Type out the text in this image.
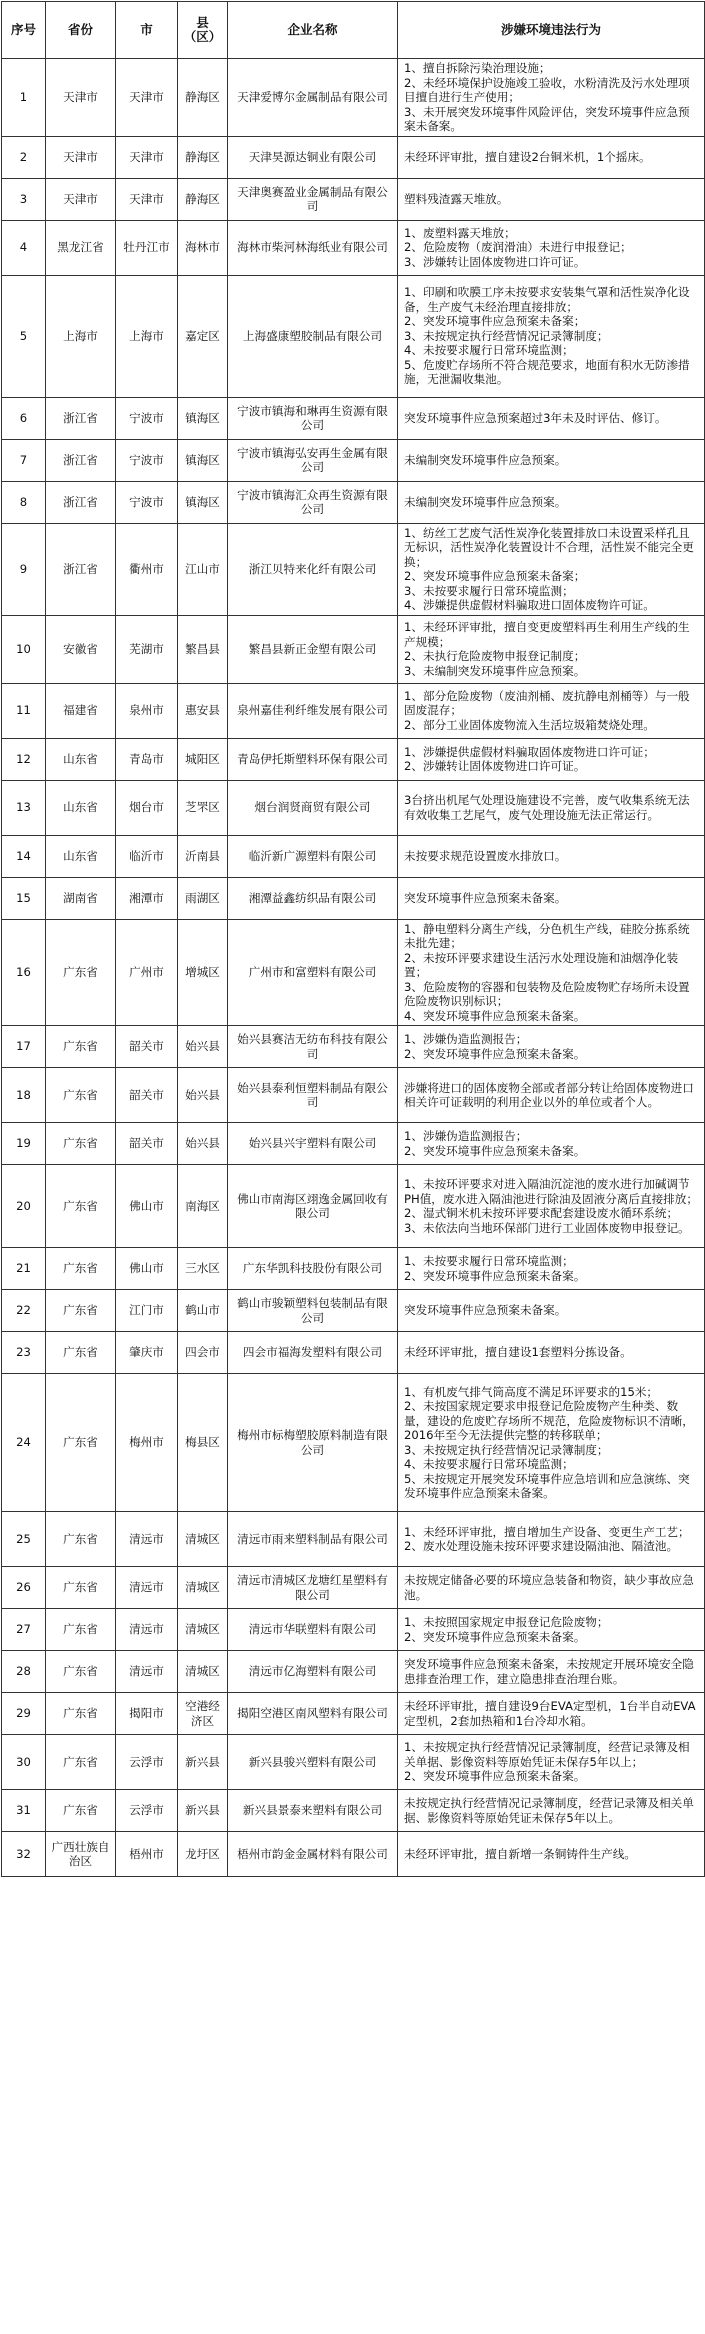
序号	省份	市	县（区）	企业名称	涉嫌环境违法行为
1	天津市	天津市	静海区	天津爱博尔金属制品有限公司	1、擅自拆除污染治理设施；
2、未经环境保护设施竣工验收，水粉清洗及污水处理项目擅自进行生产使用；
3、未开展突发环境事件风险评估，突发环境事件应急预案未备案。
2	天津市	天津市	静海区	天津昊源达铜业有限公司	未经环评审批，擅自建设2台铜米机，1个摇床。
3	天津市	天津市	静海区	天津奥赛盈业金属制品有限公司	塑料残渣露天堆放。
4	黑龙江省	牡丹江市	海林市	海林市柴河林海纸业有限公司	1、废塑料露天堆放；
2、危险废物（废润滑油）未进行申报登记；
3、涉嫌转让固体废物进口许可证。
5	上海市	上海市	嘉定区	上海盛康塑胶制品有限公司	1、印刷和吹膜工序未按要求安装集气罩和活性炭净化设备，生产废气未经治理直接排放；
2、突发环境事件应急预案未备案；
3、未按规定执行经营情况记录簿制度；
4、未按要求履行日常环境监测；
5、危废贮存场所不符合规范要求，地面有积水无防渗措施，无泄漏收集池。
6	浙江省	宁波市	镇海区	宁波市镇海和琳再生资源有限公司	突发环境事件应急预案超过3年未及时评估、修订。
7	浙江省	宁波市	镇海区	宁波市镇海弘安再生金属有限公司	未编制突发环境事件应急预案。
8	浙江省	宁波市	镇海区	宁波市镇海汇众再生资源有限公司	未编制突发环境事件应急预案。
9	浙江省	衢州市	江山市	浙江贝特来化纤有限公司	1、纺丝工艺废气活性炭净化装置排放口未设置采样孔且无标识，活性炭净化装置设计不合理，活性炭不能完全更换；
2、突发环境事件应急预案未备案；
3、未按要求履行日常环境监测；
4、涉嫌提供虚假材料骗取进口固体废物许可证。
10	安徽省	芜湖市	繁昌县	繁昌县新正金塑有限公司	1、未经环评审批，擅自变更废塑料再生利用生产线的生产规模；
2、未执行危险废物申报登记制度；
3、未编制突发环境事件应急预案。
11	福建省	泉州市	惠安县	泉州嘉佳利纤维发展有限公司	1、部分危险废物（废油剂桶、废抗静电剂桶等）与一般固废混存；
2、部分工业固体废物流入生活垃圾箱焚烧处理。
12	山东省	青岛市	城阳区	青岛伊托斯塑料环保有限公司	1、涉嫌提供虚假材料骗取固体废物进口许可证；
2、涉嫌转让固体废物进口许可证。
13	山东省	烟台市	芝罘区	烟台润贤商贸有限公司	3台挤出机尾气处理设施建设不完善，废气收集系统无法有效收集工艺尾气，废气处理设施无法正常运行。
14	山东省	临沂市	沂南县	临沂新广源塑料有限公司	未按要求规范设置废水排放口。
15	湖南省	湘潭市	雨湖区	湘潭益鑫纺织品有限公司	突发环境事件应急预案未备案。
16	广东省	广州市	增城区	广州市和富塑料有限公司	1、静电塑料分离生产线，分色机生产线，硅胶分拣系统未批先建；
2、未按环评要求建设生活污水处理设施和油烟净化装置；
3、危险废物的容器和包装物及危险废物贮存场所未设置危险废物识别标识；
4、突发环境事件应急预案未备案。
17	广东省	韶关市	始兴县	始兴县赛洁无纺布科技有限公司	1、涉嫌伪造监测报告；
2、突发环境事件应急预案未备案。
18	广东省	韶关市	始兴县	始兴县泰利恒塑料制品有限公司	涉嫌将进口的固体废物全部或者部分转让给固体废物进口相关许可证载明的利用企业以外的单位或者个人。
19	广东省	韶关市	始兴县	始兴县兴宇塑料有限公司	1、涉嫌伪造监测报告；
2、突发环境事件应急预案未备案。
20	广东省	佛山市	南海区	佛山市南海区翊逸金属回收有限公司	1、未按环评要求对进入隔油沉淀池的废水进行加碱调节PH值，废水进入隔油池进行除油及固液分离后直接排放；
2、湿式铜米机未按环评要求配套建设废水循环系统；
3、未依法向当地环保部门进行工业固体废物申报登记。
21	广东省	佛山市	三水区	广东华凯科技股份有限公司	1、未按要求履行日常环境监测；
2、突发环境事件应急预案未备案。
22	广东省	江门市	鹤山市	鹤山市骏颖塑料包装制品有限公司	突发环境事件应急预案未备案。
23	广东省	肇庆市	四会市	四会市福海发塑料有限公司	未经环评审批，擅自建设1套塑料分拣设备。
24	广东省	梅州市	梅县区	梅州市标梅塑胶原料制造有限公司	1、有机废气排气筒高度不满足环评要求的15米；
2、未按国家规定要求申报登记危险废物产生种类、数量，建设的危废贮存场所不规范，危险废物标识不清晰，2016年至今无法提供完整的转移联单；
3、未按规定执行经营情况记录簿制度；
4、未按要求履行日常环境监测；
5、未按规定开展突发环境事件应急培训和应急演练、突发环境事件应急预案未备案。
25	广东省	清远市	清城区	清远市雨来塑料制品有限公司	1、未经环评审批，擅自增加生产设备、变更生产工艺；
2、废水处理设施未按环评要求建设隔油池、隔渣池。
26	广东省	清远市	清城区	清远市清城区龙塘红星塑料有限公司	未按规定储备必要的环境应急装备和物资，缺少事故应急池。
27	广东省	清远市	清城区	清远市华联塑料有限公司	1、未按照国家规定申报登记危险废物；
2、突发环境事件应急预案未备案。
28	广东省	清远市	清城区	清远市亿海塑料有限公司	突发环境事件应急预案未备案，未按规定开展环境安全隐患排查治理工作，建立隐患排查治理台账。
29	广东省	揭阳市	空港经济区	揭阳空港区南风塑料有限公司	未经环评审批，擅自建设9台EVA定型机，1台半自动EVA定型机，2套加热箱和1台冷却水箱。
30	广东省	云浮市	新兴县	新兴县骏兴塑料有限公司	1、未按规定执行经营情况记录簿制度，经营记录簿及相关单据、影像资料等原始凭证未保存5年以上；
2、突发环境事件应急预案未备案。
31	广东省	云浮市	新兴县	新兴县景泰来塑料有限公司	未按规定执行经营情况记录簿制度，经营记录簿及相关单据、影像资料等原始凭证未保存5年以上。
32	广西壮族自治区	梧州市	龙圩区	梧州市韵金金属材料有限公司	未经环评审批，擅自新增一条铜铸件生产线。
